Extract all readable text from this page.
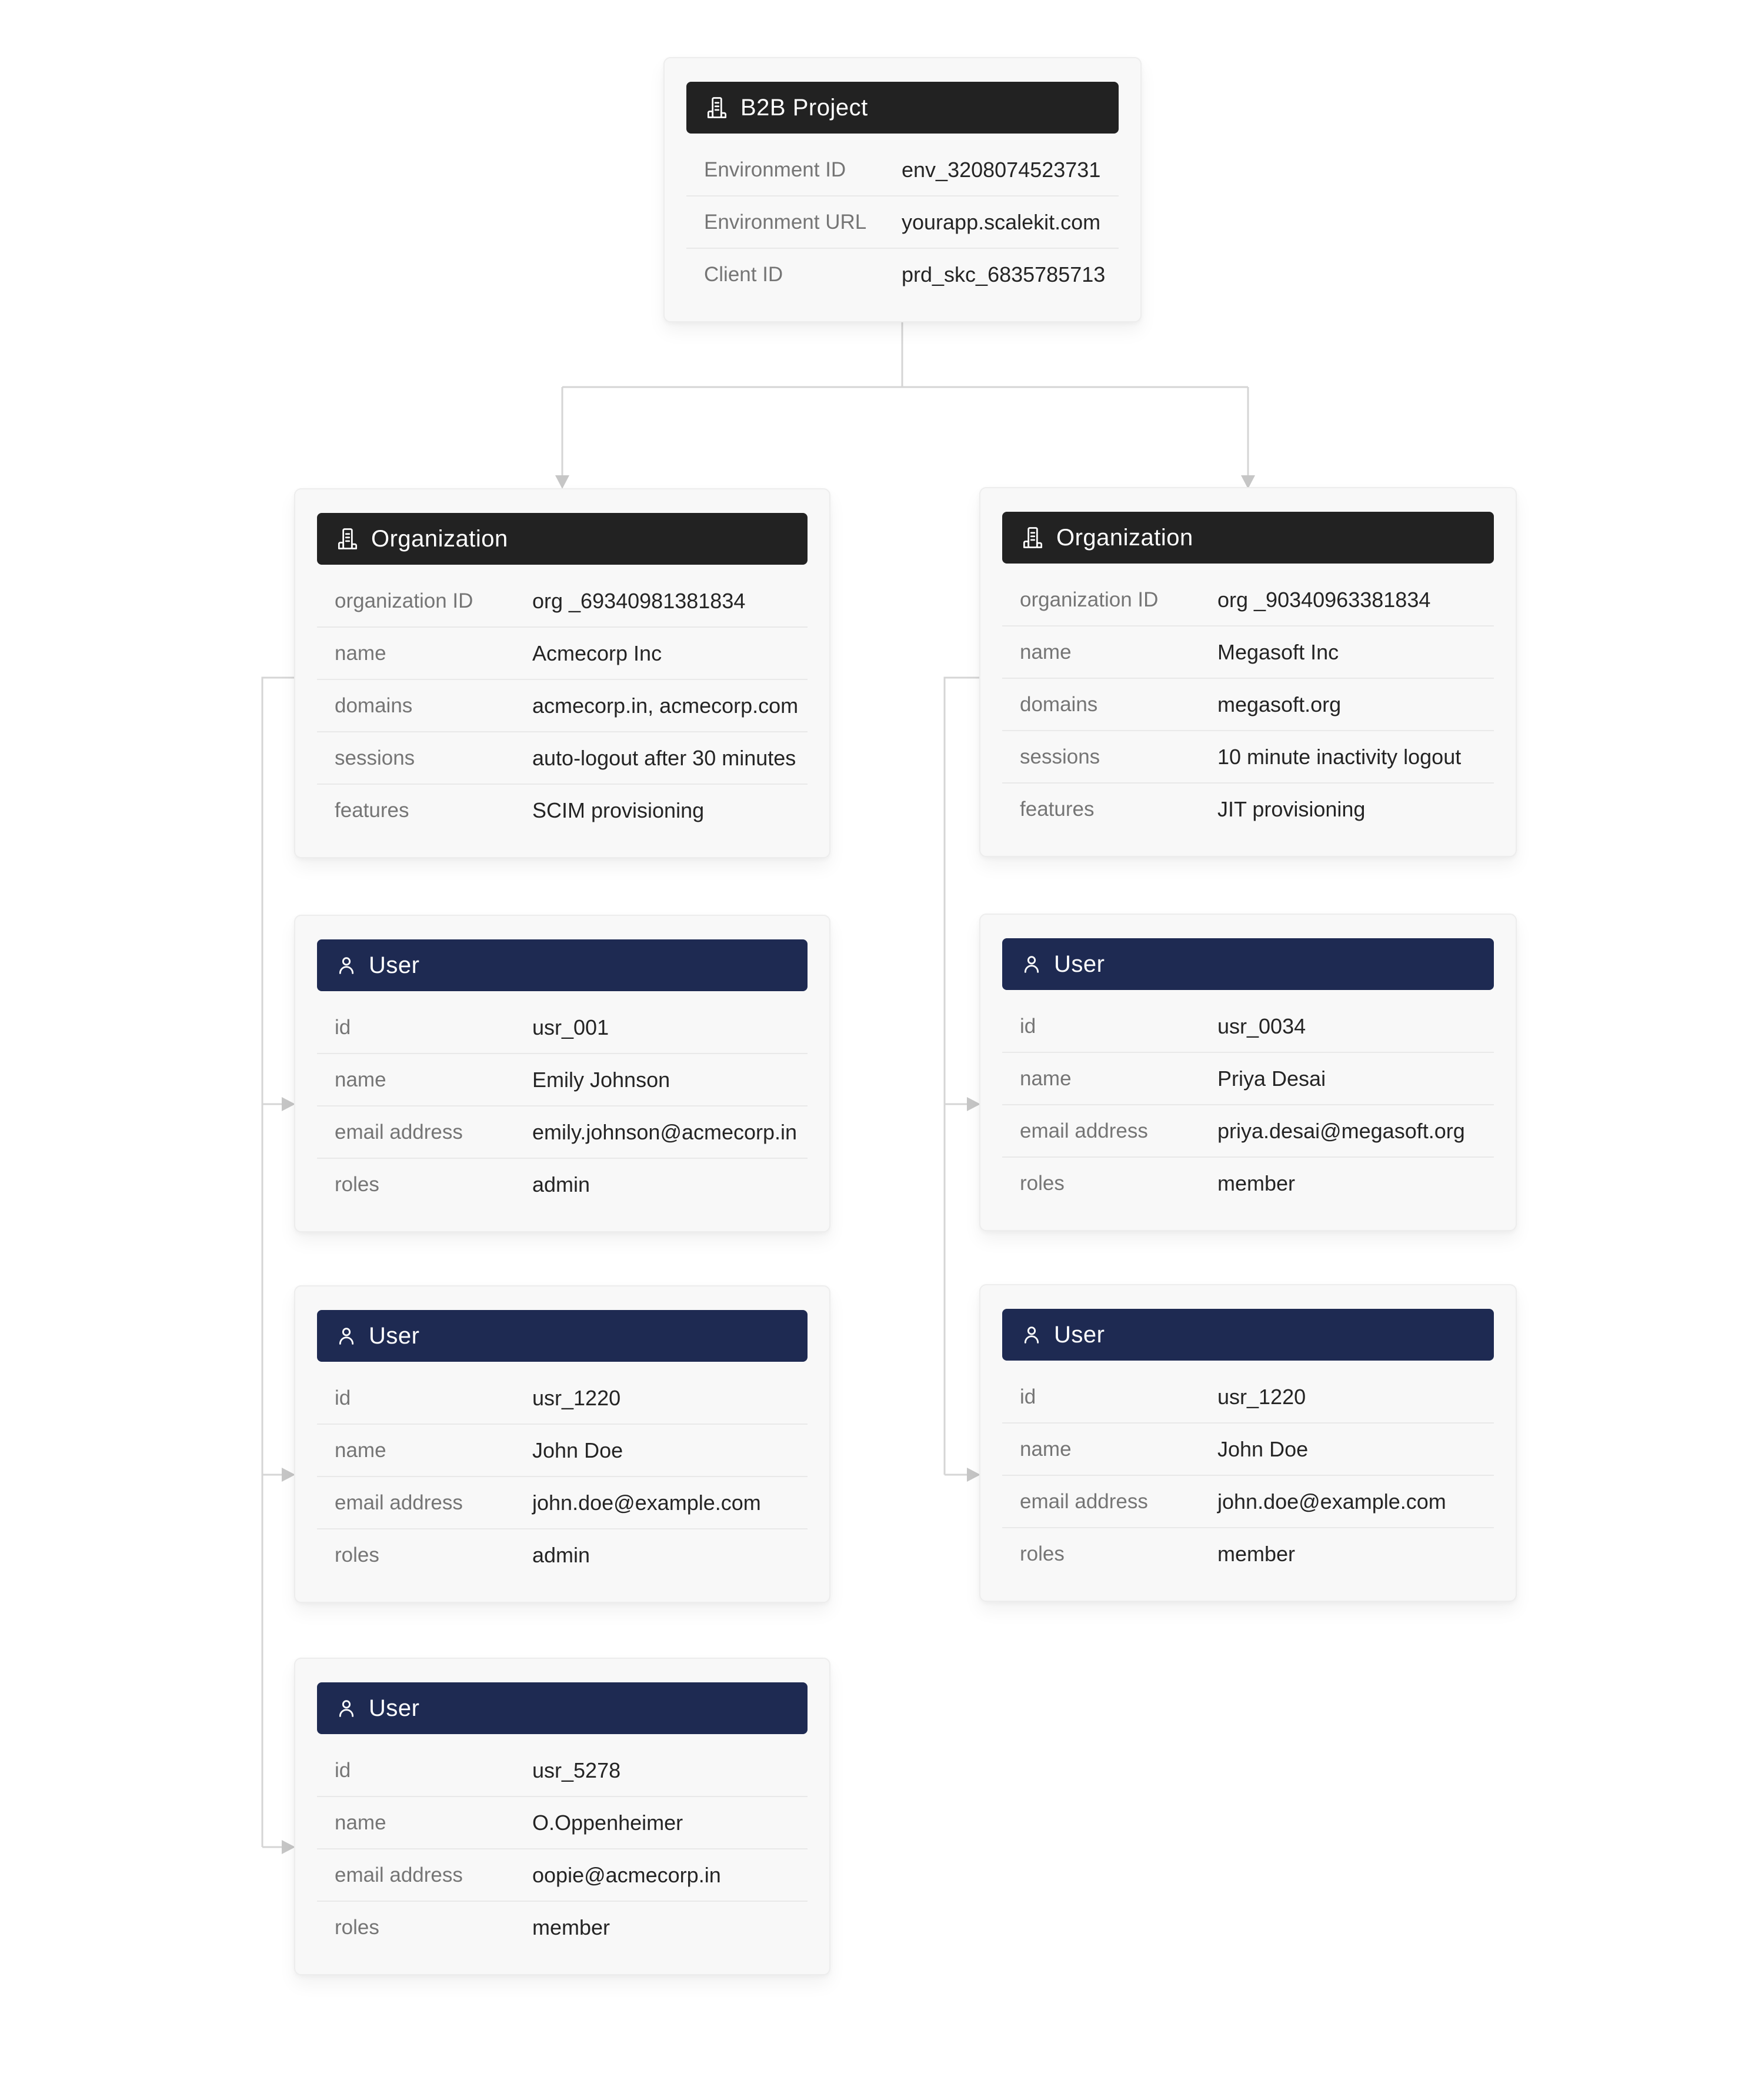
B2B Project
Environment ID	env_3208074523731
Environment URL	yourapp.scalekit.com
Client ID	prd_skc_6835785713
Organization
organization ID	org _69340981381834
name	Acmecorp Inc
domains	acmecorp.in, acmecorp.com
sessions	auto-logout after 30 minutes
features	SCIM provisioning
Organization
organization ID	org _90340963381834
name	Megasoft Inc
domains	megasoft.org
sessions	10 minute inactivity logout
features	JIT provisioning
User
id	usr_001
name	Emily Johnson
email address	emily.johnson@acmecorp.in
roles	admin
User
id	usr_1220
name	John Doe
email address	john.doe@example.com
roles	admin
User
id	usr_5278
name	O.Oppenheimer
email address	oopie@acmecorp.in
roles	member
User
id	usr_0034
name	Priya Desai
email address	priya.desai@megasoft.org
roles	member
User
id	usr_1220
name	John Doe
email address	john.doe@example.com
roles	member
